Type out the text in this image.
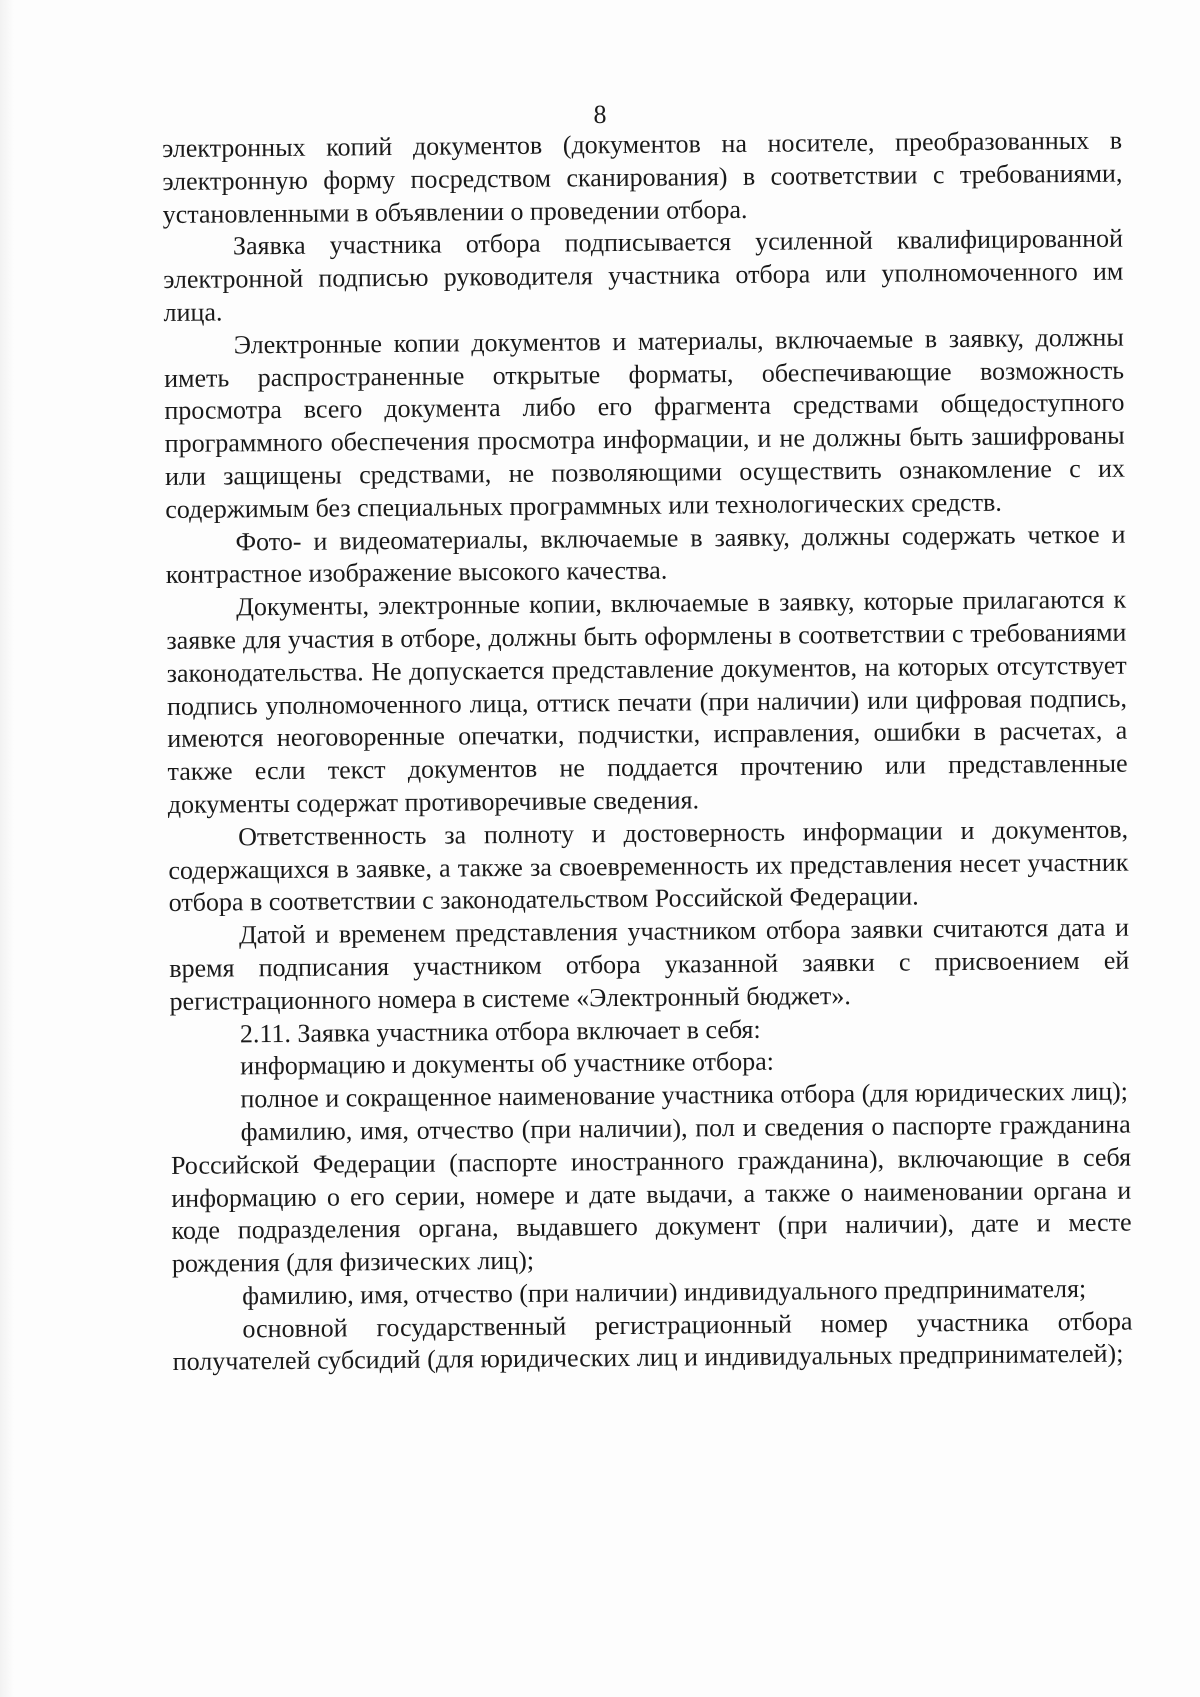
8

электронных копий документов (документов на носителе, преобразованных в электронную форму посредством сканирования) в соответствии с требованиями, установленными в объявлении о проведении отбора.

Заявка участника отбора подписывается усиленной квалифицированной электронной подписью руководителя участника отбора или уполномоченного им лица.

Электронные копии документов и материалы, включаемые в заявку, должны иметь распространенные открытые форматы, обеспечивающие возможность просмотра всего документа либо его фрагмента средствами общедоступного программного обеспечения просмотра информации, и не должны быть зашифрованы или защищены средствами, не позволяющими осуществить ознакомление с их содержимым без специальных программных или технологических средств.

Фото- и видеоматериалы, включаемые в заявку, должны содержать четкое и контрастное изображение высокого качества.

Документы, электронные копии, включаемые в заявку, которые прилагаются к заявке для участия в отборе, должны быть оформлены в соответствии с требованиями законодательства. Не допускается представление документов, на которых отсутствует подпись уполномоченного лица, оттиск печати (при наличии) или цифровая подпись, имеются неоговоренные опечатки, подчистки, исправления, ошибки в расчетах, а также если текст документов не поддается прочтению или представленные документы содержат противоречивые сведения.

Ответственность за полноту и достоверность информации и документов, содержащихся в заявке, а также за своевременность их представления несет участник отбора в соответствии с законодательством Российской Федерации.

Датой и временем представления участником отбора заявки считаются дата и время подписания участником отбора указанной заявки с присвоением ей регистрационного номера в системе «Электронный бюджет».

2.11. Заявка участника отбора включает в себя:

информацию и документы об участнике отбора:

полное и сокращенное наименование участника отбора (для юридических лиц);

фамилию, имя, отчество (при наличии), пол и сведения о паспорте гражданина Российской Федерации (паспорте иностранного гражданина), включающие в себя информацию о его серии, номере и дате выдачи, а также о наименовании органа и коде подразделения органа, выдавшего документ (при наличии), дате и месте рождения (для физических лиц);

фамилию, имя, отчество (при наличии) индивидуального предпринимателя;

основной государственный регистрационный номер участника отбора получателей субсидий (для юридических лиц и индивидуальных предпринимателей);
